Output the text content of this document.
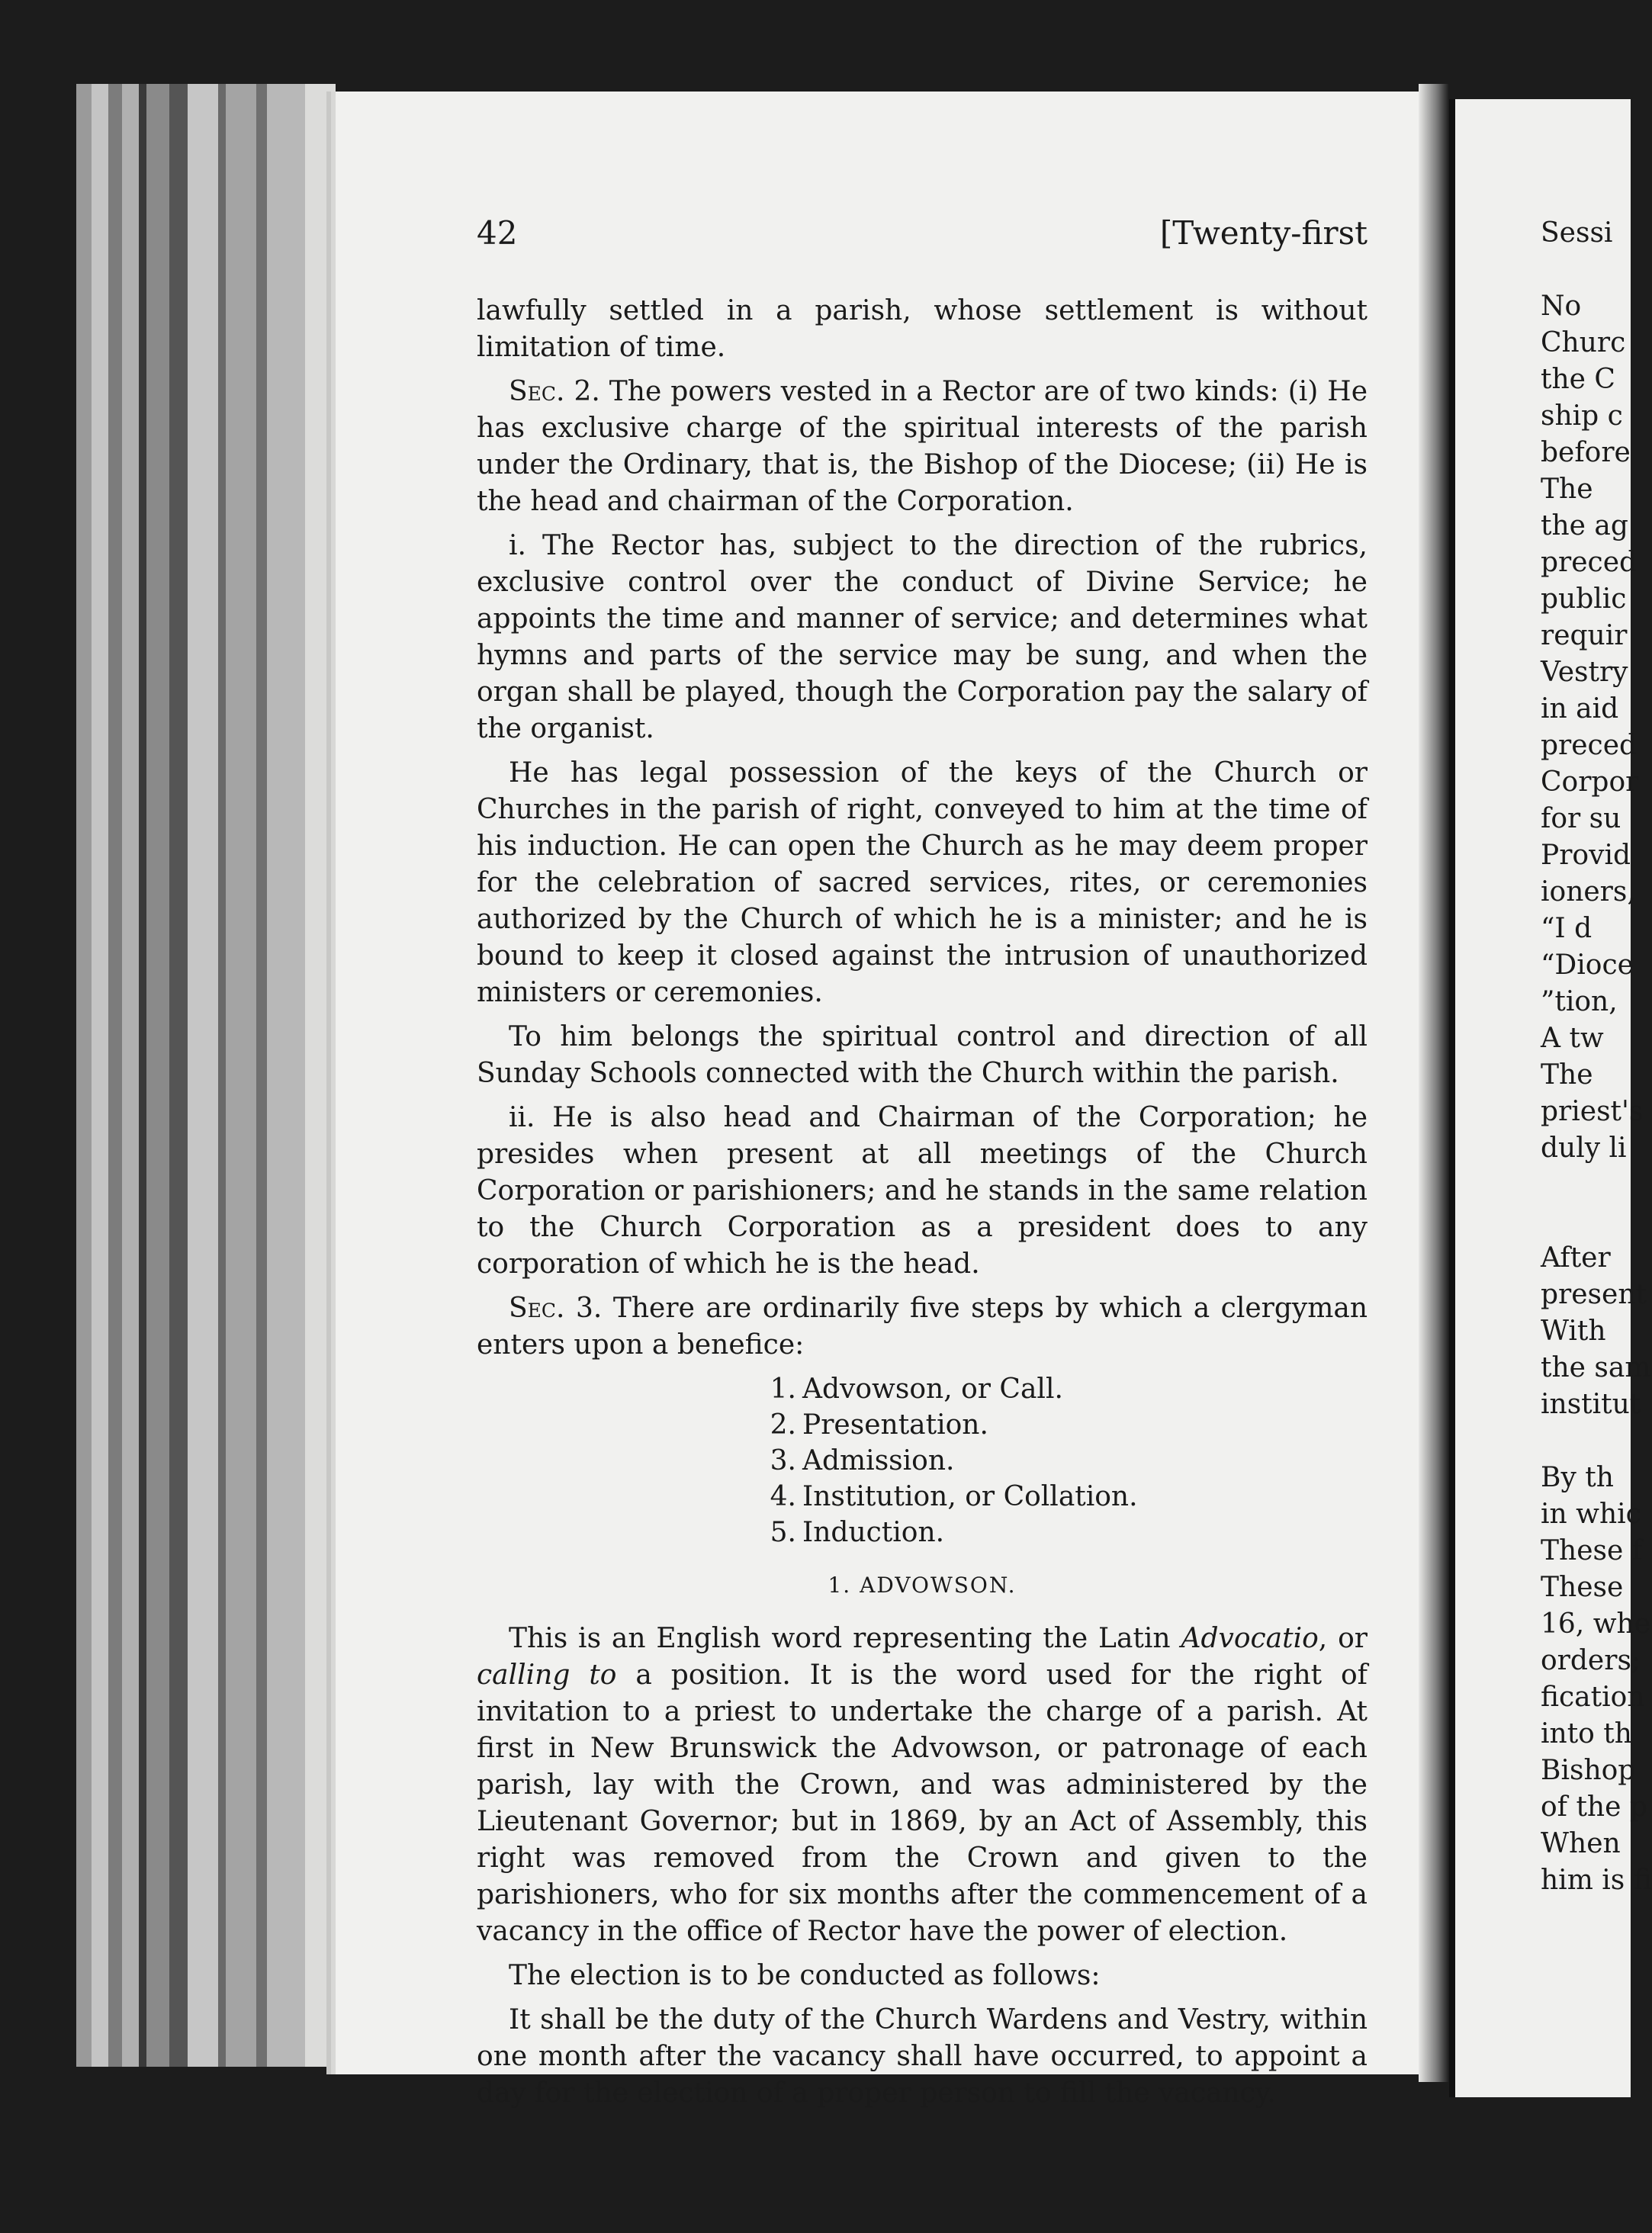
42	[Twenty-first

lawfully settled in a parish, whose settlement is without limitation of time.

Sec. 2. The powers vested in a Rector are of two kinds: (i) He has exclusive charge of the spiritual interests of the parish under the Ordinary, that is, the Bishop of the Diocese; (ii) He is the head and chairman of the Corporation.

i. The Rector has, subject to the direction of the rubrics, exclusive control over the conduct of Divine Service; he appoints the time and manner of service; and determines what hymns and parts of the service may be sung, and when the organ shall be played, though the Corporation pay the salary of the organist.

He has legal possession of the keys of the Church or Churches in the parish of right, conveyed to him at the time of his induction. He can open the Church as he may deem proper for the celebration of sacred services, rites, or ceremonies authorized by the Church of which he is a minister; and he is bound to keep it closed against the intrusion of unauthorized ministers or ceremonies.

To him belongs the spiritual control and direction of all Sunday Schools connected with the Church within the parish.

ii. He is also head and Chairman of the Corporation; he presides when present at all meetings of the Church Corporation or parishioners; and he stands in the same relation to the Church Corporation as a president does to any corporation of which he is the head.

Sec. 3. There are ordinarily five steps by which a clergyman enters upon a benefice:

1. Advowson, or Call.
2. Presentation.
3. Admission.
4. Institution, or Collation.
5. Induction.
1. ADVOWSON.

This is an English word representing the Latin Advocatio, or calling to a position. It is the word used for the right of invitation to a priest to undertake the charge of a parish. At first in New Brunswick the Advowson, or patronage of each parish, lay with the Crown, and was administered by the Lieutenant Governor; but in 1869, by an Act of Assembly, this right was removed from the Crown and given to the parishioners, who for six months after the commencement of a vacancy in the office of Rector have the power of election.

The election is to be conducted as follows:

It shall be the duty of the Church Wardens and Vestry, within one month after the vacancy shall have occurred, to appoint a day for the election of a proper person to fill the vacancy.

Sessi
No
Churc
the C
ship c
before
The
the ag
preced
public
requir
Vestry
in aid
preced
Corpor
for su
Provid
ioners,
“I d
“Dioce
”tion,
A tw
The
priest's
duly li
After
present
With
the sam
institut
By th
in whic
These f
These
16, whe
orders;
fication
into th
Bishop
of the p
When
him is fi
